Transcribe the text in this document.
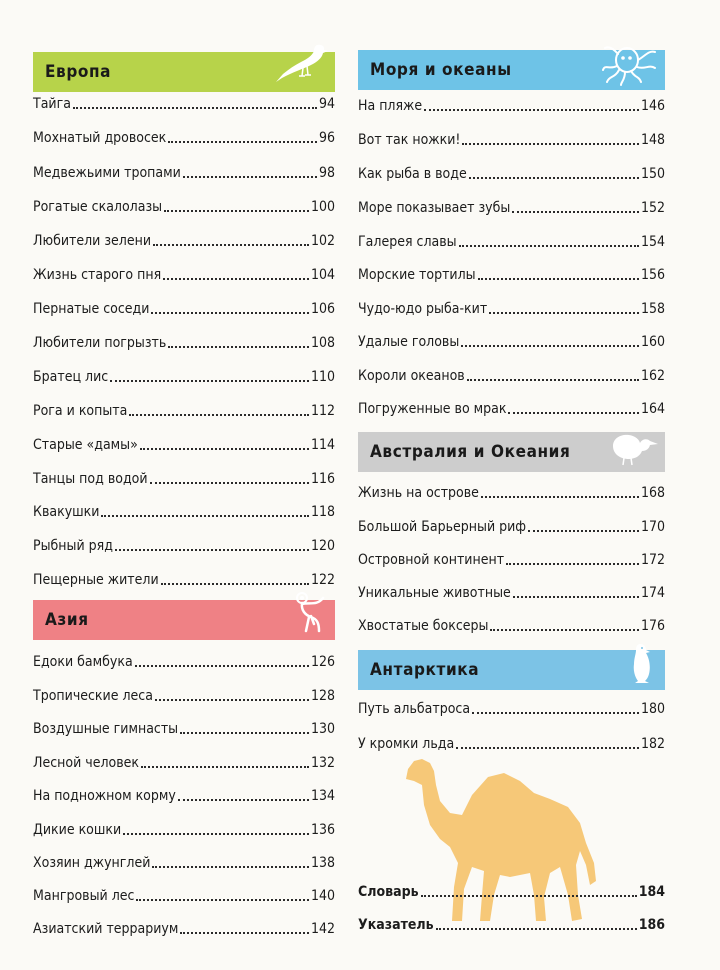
Европа
Тайга	94
Мохнатый дровосек	96
Медвежьими тропами	98
Рогатые скалолазы	100
Любители зелени	102
Жизнь старого пня	104
Пернатые соседи	106
Любители погрызть	108
Братец лис	110
Рога и копыта	112
Старые «дамы»	114
Танцы под водой	116
Квакушки	118
Рыбный ряд	120
Пещерные жители	122
Азия
Едоки бамбука	126
Тропические леса	128
Воздушные гимнасты	130
Лесной человек	132
На подножном корму	134
Дикие кошки	136
Хозяин джунглей	138
Мангровый лес	140
Азиатский террариум	142
Моря и океаны
На пляже	146
Вот так ножки!	148
Как рыба в воде	150
Море показывает зубы	152
Галерея славы	154
Морские тортилы	156
Чудо-юдо рыба-кит	158
Удалые головы	160
Короли океанов	162
Погруженные во мрак	164
Австралия и Океания
Жизнь на острове	168
Большой Барьерный риф	170
Островной континент	172
Уникальные животные	174
Хвостатые боксеры	176
Антарктика
Путь альбатроса	180
У кромки льда	182
Словарь	184
Указатель	186
